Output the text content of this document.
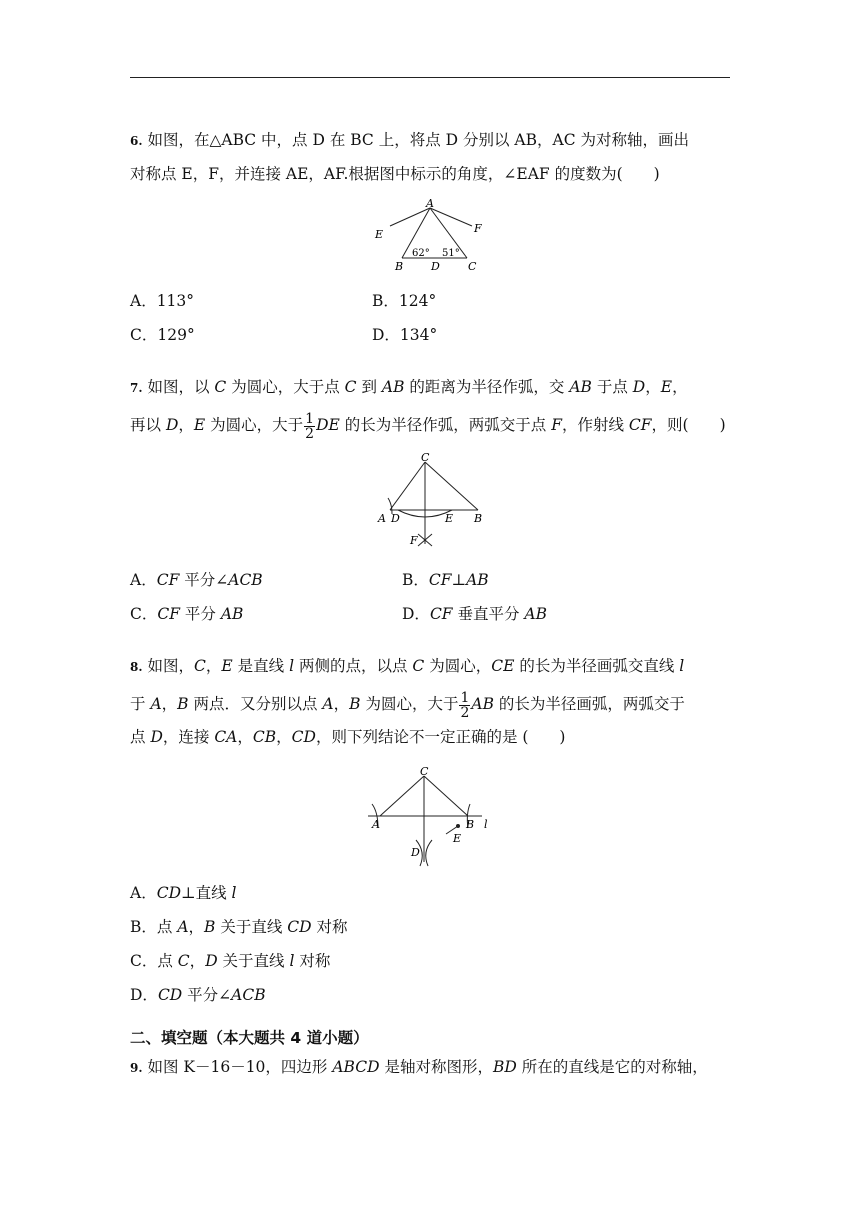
6. 如图，在△ABC 中，点 D 在 BC 上，将点 D 分别以 AB，AC 为对称轴，画出

对称点 E，F，并连接 AE，AF.根据图中标示的角度，∠EAF 的度数为(　　)

A
E	F
B	D	C
62° 51°
A．113°	B．124°
C．129°	D．134°

7. 如图，以 C 为圆心，大于点 C 到 AB 的距离为半径作弧，交 AB 于点 D，E，

再以 D，E 为圆心，大于 $\frac{1}{2}$ DE 的长为半径作弧，两弧交于点 F，作射线 CF，则(　　)

C
A D	E B
F
A．CF 平分∠ACB	B．CF⊥AB
C．CF 平分 AB	D．CF 垂直平分 AB

8. 如图，C，E 是直线 l 两侧的点，以点 C 为圆心，CE 的长为半径画弧交直线 l

于 A，B 两点．又分别以点 A，B 为圆心，大于 $\frac{1}{2}$ AB 的长为半径画弧，两弧交于

点 D，连接 CA，CB，CD，则下列结论不一定正确的是 (　　)

C
A	B l
E
D
A．CD⊥直线 l
B．点 A，B 关于直线 CD 对称
C．点 C，D 关于直线 l 对称
D．CD 平分∠ACB
二、填空题（本大题共 4 道小题）

9. 如图 K－16－10，四边形 ABCD 是轴对称图形，BD 所在的直线是它的对称轴，
